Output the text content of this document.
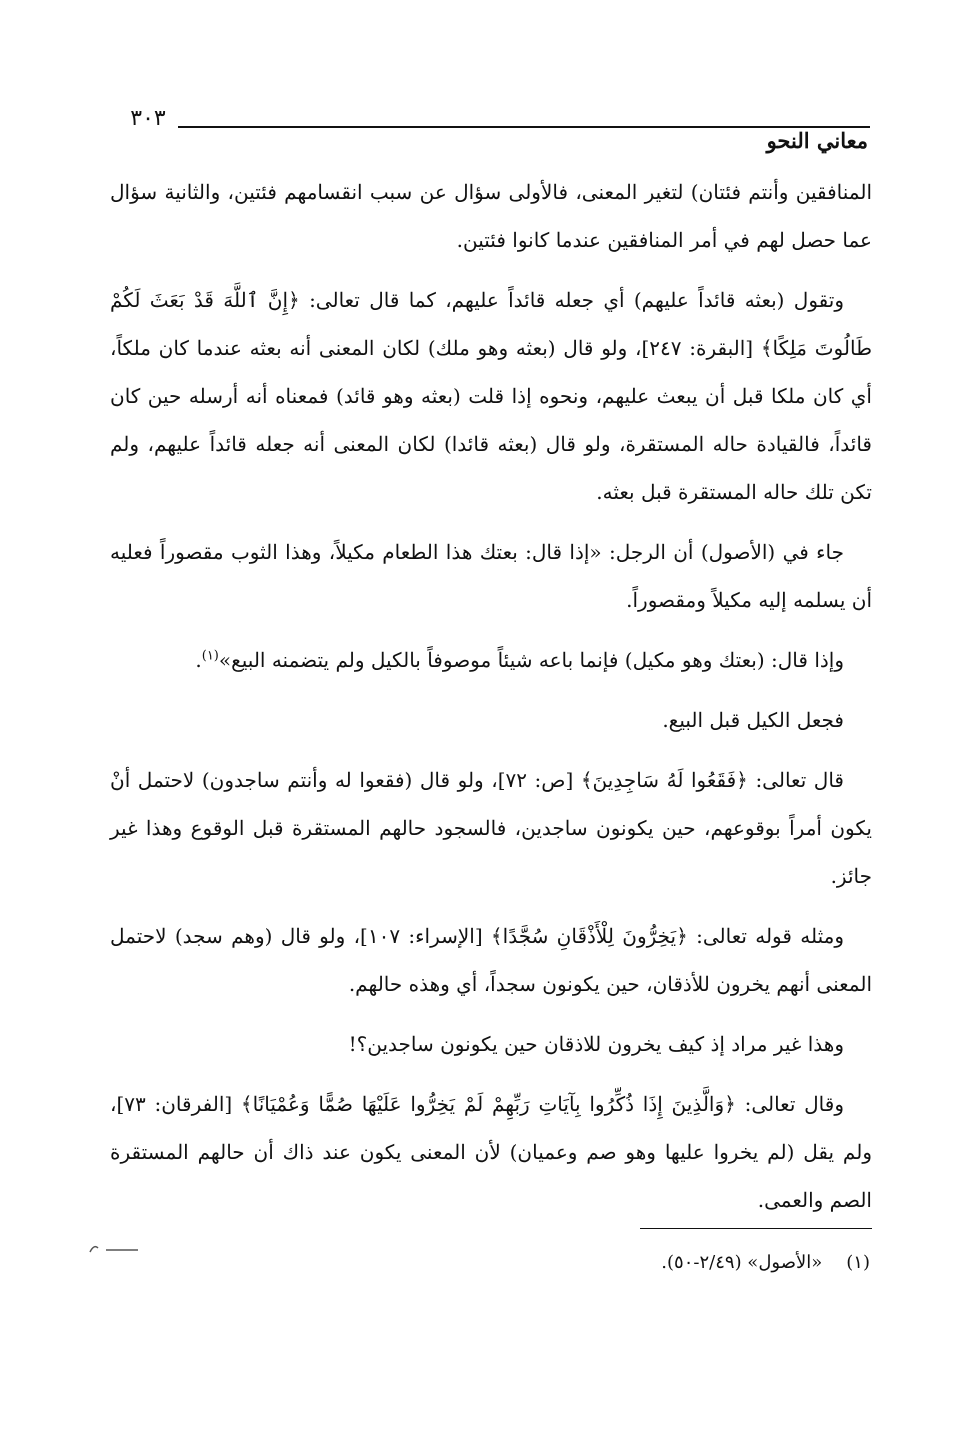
٣٠٣
معاني النحو

المنافقين وأنتم فئتان) لتغير المعنى، فالأولى سؤال عن سبب انقسامهم فئتين، والثانية سؤال عما حصل لهم في أمر المنافقين عندما كانوا فئتين.

وتقول (بعثه قائداً عليهم) أي جعله قائداً عليهم، كما قال تعالى: ﴿إِنَّ ٱللَّهَ قَدْ بَعَثَ لَكُمْ طَالُوتَ مَلِكًا﴾ [البقرة: ٢٤٧]، ولو قال (بعثه وهو ملك) لكان المعنى أنه بعثه عندما كان ملكاً، أي كان ملكا قبل أن يبعث عليهم، ونحوه إذا قلت (بعثه وهو قائد) فمعناه أنه أرسله حين كان قائداً، فالقيادة حاله المستقرة، ولو قال (بعثه قائدا) لكان المعنى أنه جعله قائداً عليهم، ولم تكن تلك حاله المستقرة قبل بعثه.

جاء في (الأصول) أن الرجل: «إذا قال: بعتك هذا الطعام مكيلاً، وهذا الثوب مقصوراً فعليه أن يسلمه إليه مكيلاً ومقصوراً.

وإذا قال: (بعتك وهو مكيل) فإنما باعه شيئاً موصوفاً بالكيل ولم يتضمنه البيع»$^{(١)}$.

فجعل الكيل قبل البيع.

قال تعالى: ﴿فَقَعُوا لَهُ سَاجِدِينَ﴾ [ص: ٧٢]، ولو قال (فقعوا له وأنتم ساجدون) لاحتمل أنْ يكون أمراً بوقوعهم، حين يكونون ساجدين، فالسجود حالهم المستقرة قبل الوقوع وهذا غير جائز.

ومثله قوله تعالى: ﴿يَخِرُّونَ لِلْأَذْقَانِ سُجَّدًا﴾ [الإسراء: ١٠٧]، ولو قال (وهم سجد) لاحتمل المعنى أنهم يخرون للأذقان، حين يكونون سجداً، أي وهذه حالهم.

وهذا غير مراد إذ كيف يخرون للاذقان حين يكونون ساجدين؟!

وقال تعالى: ﴿وَالَّذِينَ إِذَا ذُكِّرُوا بِآيَاتِ رَبِّهِمْ لَمْ يَخِرُّوا عَلَيْهَا صُمًّا وَعُمْيَانًا﴾ [الفرقان: ٧٣]، ولم يقل (لم يخروا عليها وهو صم وعميان) لأن المعنى يكون عند ذاك أن حالهم المستقرة الصم والعمى.

(١)«الأصول» (٢/٤٩-٥٠).
